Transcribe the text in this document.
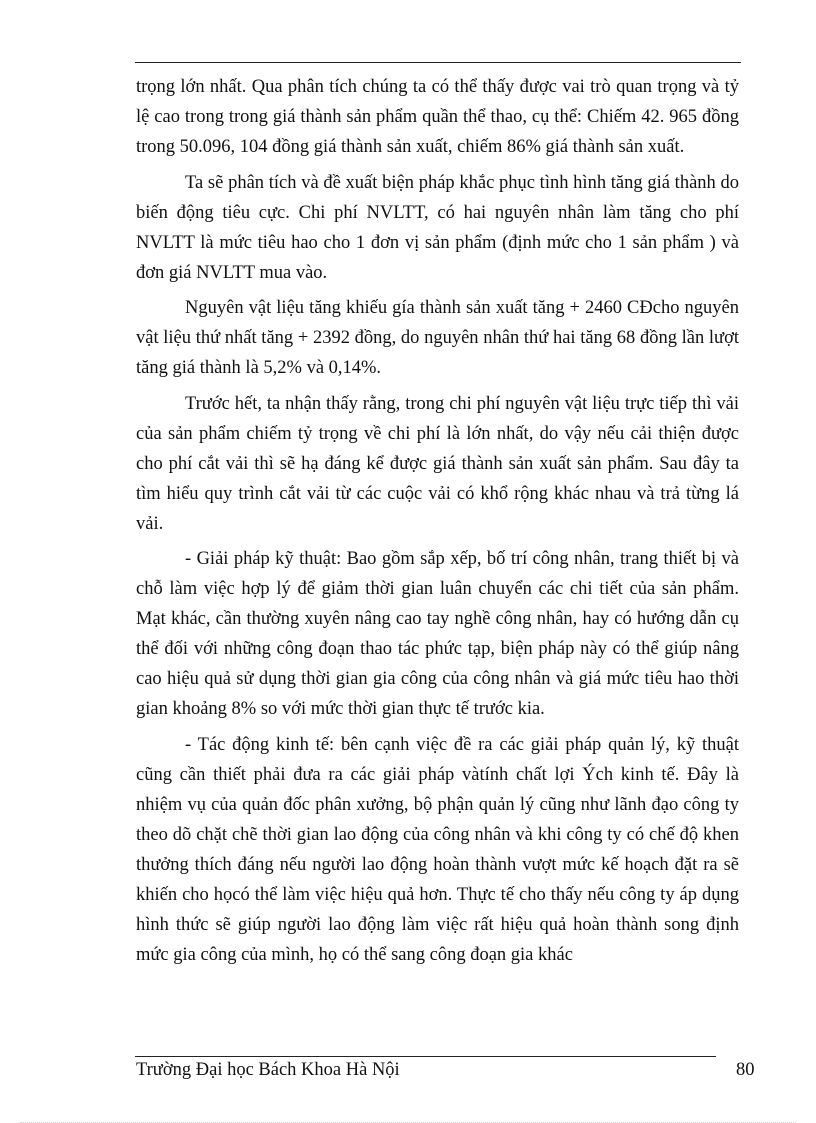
trọng lớn nhất. Qua phân tích chúng ta có thể thấy được vai trò quan trọng và tỷ lệ cao trong trong giá thành sản phẩm quần thể thao, cụ thể: Chiếm 42. 965 đồng trong 50.096, 104 đồng giá thành sản xuất, chiếm 86% giá thành sản xuất.

Ta sẽ phân tích và đề xuất biện pháp khắc phục tình hình tăng giá thành do biến động tiêu cực. Chi phí NVLTT, có hai nguyên nhân làm tăng cho phí NVLTT là mức tiêu hao cho 1 đơn vị sản phẩm (định mức cho 1 sản phẩm ) và đơn giá NVLTT mua vào.

Nguyên vật liệu tăng khiếu gía thành sản xuất tăng + 2460 CĐcho nguyên vật liệu thứ nhất tăng + 2392 đồng, do nguyên nhân thứ hai tăng 68 đồng lần lượt tăng giá thành là 5,2% và 0,14%.

Trước hết, ta nhận thấy rằng, trong chi phí nguyên vật liệu trực tiếp thì vải của sản phẩm chiếm tỷ trọng về chi phí là lớn nhất, do vậy nếu cải thiện được cho phí cắt vải thì sẽ hạ đáng kể được giá thành sản xuất sản phẩm. Sau đây ta tìm hiểu quy trình cắt vải từ các cuộc vải có khổ rộng khác nhau và trả từng lá vải.

- Giải pháp kỹ thuật: Bao gồm sắp xếp, bố trí công nhân, trang thiết bị và chỗ làm việc hợp lý để giảm thời gian luân chuyển các chi tiết của sản phẩm. Mạt khác, cần thường xuyên nâng cao tay nghề công nhân, hay có hướng dẫn cụ thể đối với những công đoạn thao tác phức tạp, biện pháp này có thể giúp nâng cao hiệu quả sử dụng thời gian gia công của công nhân và giá mức tiêu hao thời gian khoảng 8% so với mức thời gian thực tế trước kia.

- Tác động kinh tế: bên cạnh việc đề ra các giải pháp quản lý, kỹ thuật cũng cần thiết phải đưa ra các giải pháp vàtính chất lợi Ých kinh tế. Đây là nhiệm vụ của quản đốc phân xưởng, bộ phận quản lý cũng như lãnh đạo công ty theo dõ chặt chẽ thời gian lao động của công nhân và khi công ty có chế độ khen thưởng thích đáng nếu người lao động hoàn thành vượt mức kế hoạch đặt ra sẽ khiến cho họcó thể làm việc hiệu quả hơn. Thực tế cho thấy nếu công ty áp dụng hình thức sẽ giúp người lao động làm việc rất hiệu quả hoàn thành song định mức gia công của mình, họ có thể sang công đoạn gia khác

Trường Đại học Bách Khoa Hà Nội	80
